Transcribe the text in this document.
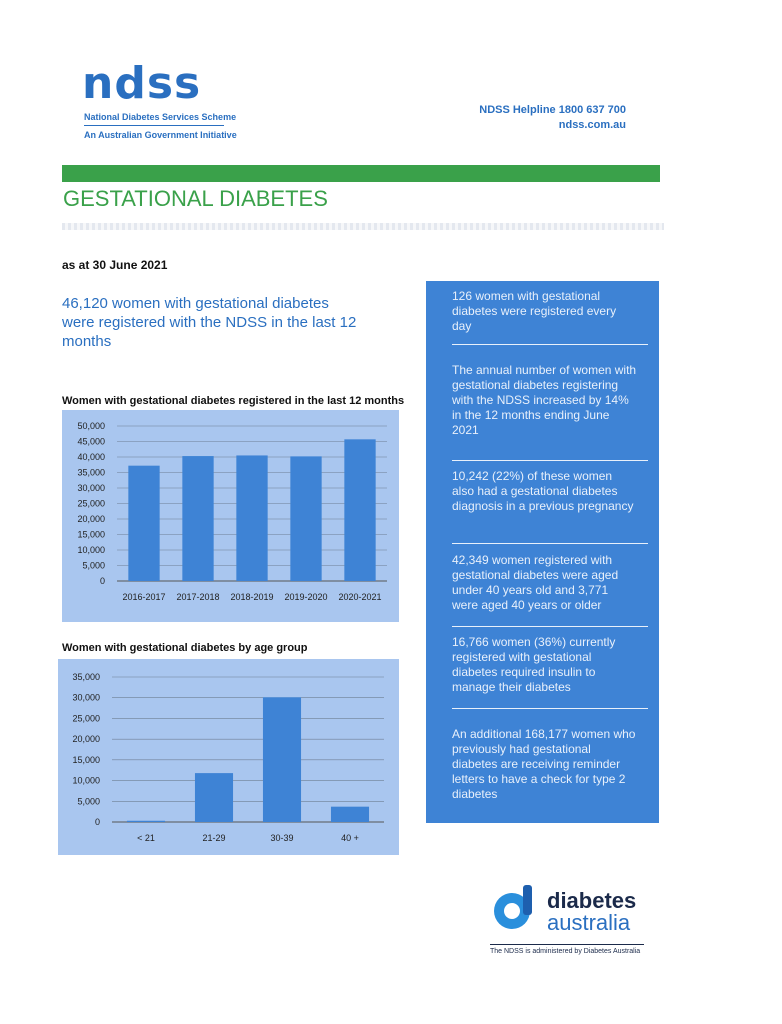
ndss
National Diabetes Services Scheme
An Australian Government Initiative
NDSS Helpline 1800 637 700
ndss.com.au
GESTATIONAL DIABETES
as at 30 June 2021
46,120 women with gestational diabetes were registered with the NDSS in the last 12 months
Women with gestational diabetes registered in the last 12 months
0
5,000
10,000
15,000
20,000
25,000
30,000
35,000
40,000
45,000
50,000
2016-2017 2017-2018 2018-2019 2019-2020 2020-2021
Women with gestational diabetes by age group
0
5,000
10,000
15,000
20,000
25,000
30,000
35,000
< 21	21-29	30-39	40 +
126 women with gestational diabetes were registered every day
The annual number of women with gestational diabetes registering with the NDSS increased by 14% in the 12 months ending June 2021
10,242 (22%) of these women also had a gestational diabetes diagnosis in a previous pregnancy
42,349 women registered with gestational diabetes were aged under 40 years old and 3,771 were aged 40 years or older
16,766 women (36%) currently registered with gestational diabetes required insulin to manage their diabetes
An additional 168,177 women who previously had gestational diabetes are receiving reminder letters to have a check for type 2 diabetes
diabetes
australia
The NDSS is administered by Diabetes Australia
